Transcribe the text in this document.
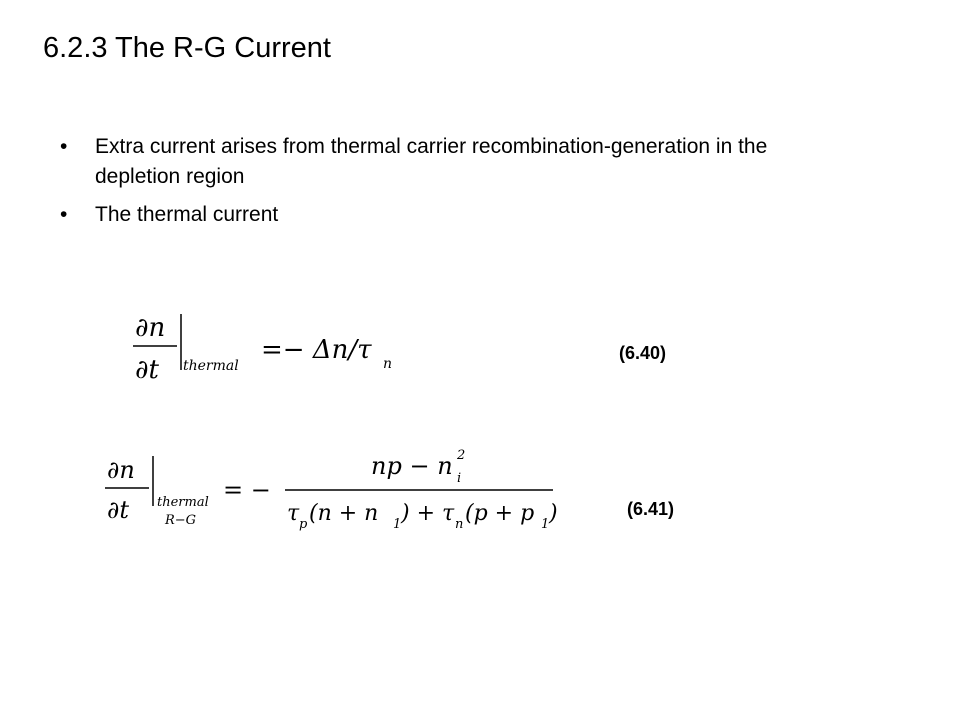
6.2.3 The R-G Current
• Extra current arises from thermal carrier recombination-generation in the depletion region
• The thermal current
∂n
∂t thermal
=− Δn/τ n
(6.40)
∂n
∂t thermal
R−G
= −
np − n 2
i
τ p (n + n 1 ) + τ n (p + p 1 )	(6.41)
